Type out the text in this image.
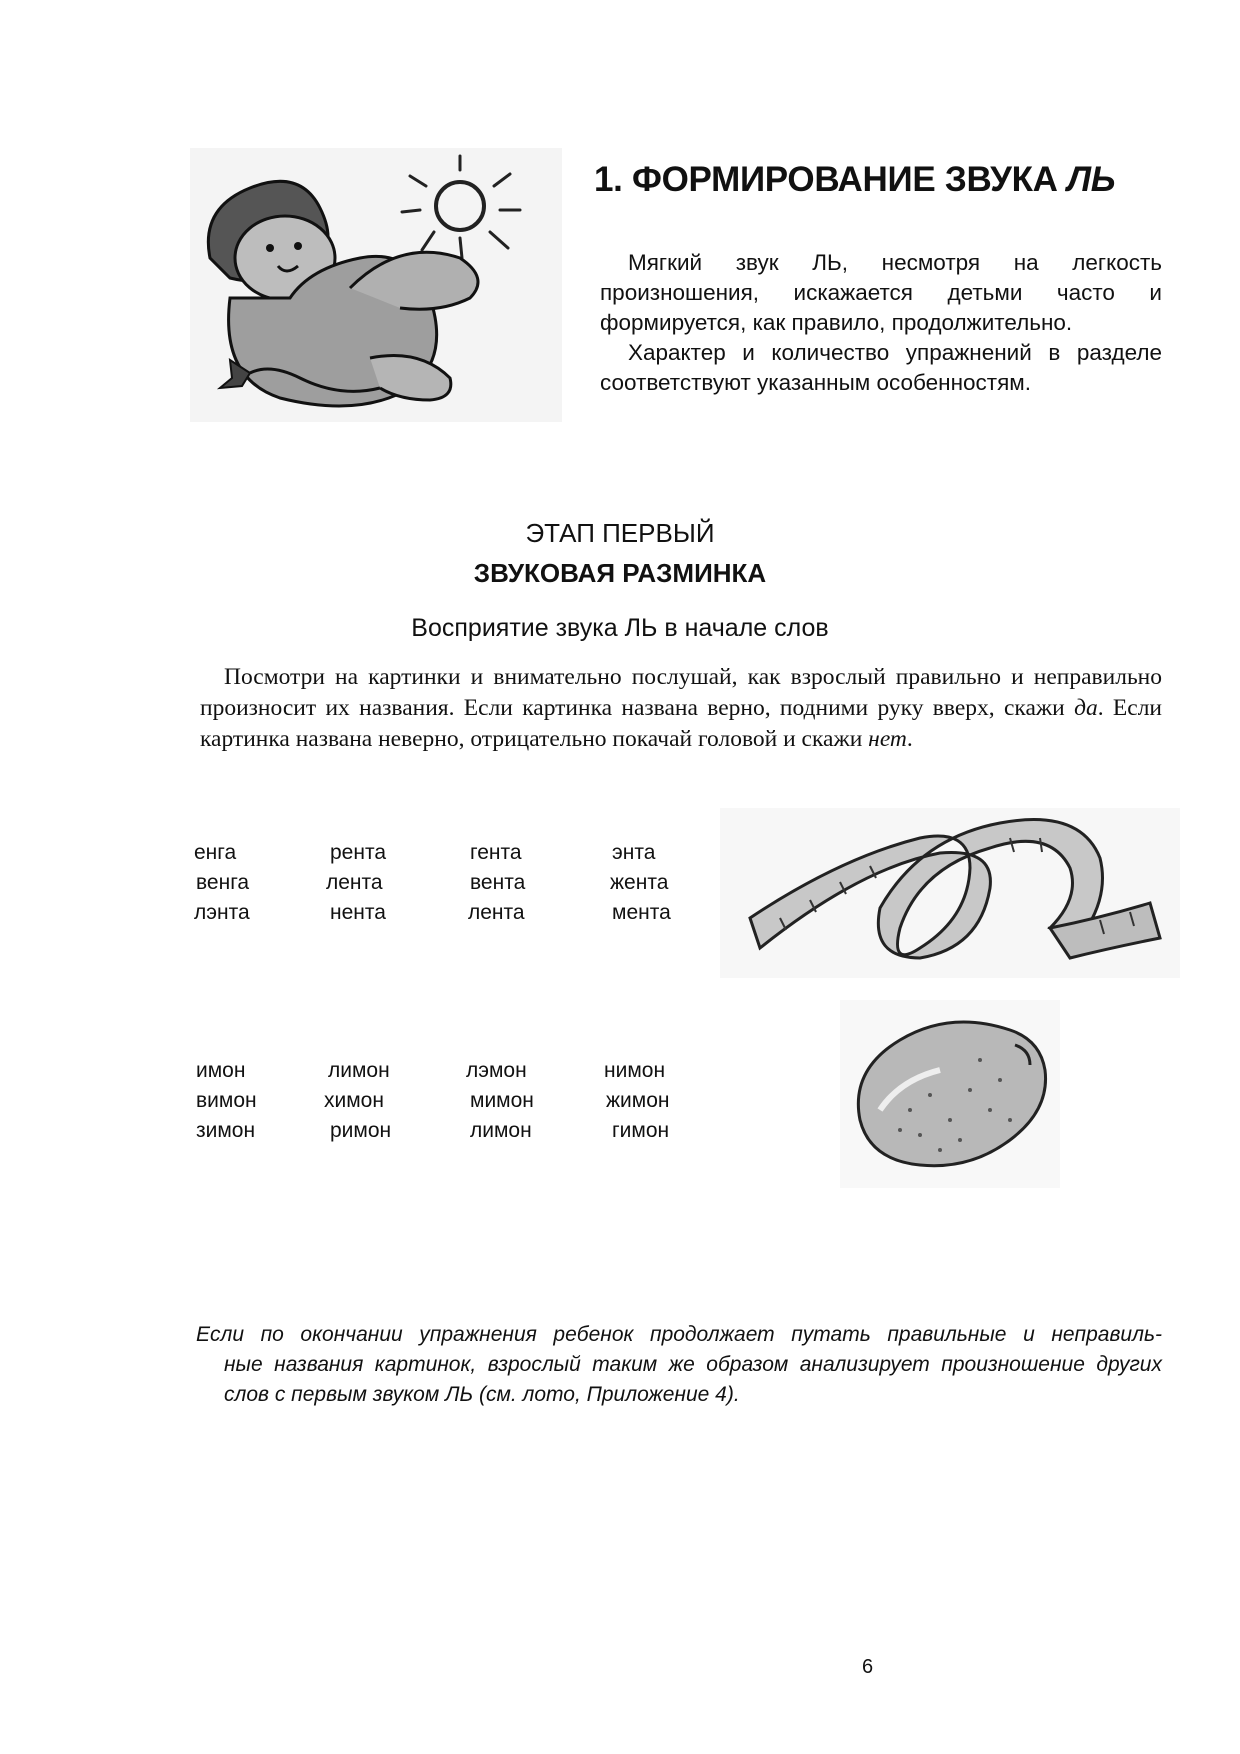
1. ФОРМИРОВАНИЕ ЗВУКА ЛЬ

Мягкий звук ЛЬ, несмотря на легкость произношения, искажается детьми часто и формируется, как правило, продолжительно.

Характер и количество упражнений в разделе соответствуют указанным особенностям.

ЭТАП ПЕРВЫЙ
ЗВУКОВАЯ РАЗМИНКА
Восприятие звука ЛЬ в начале слов

Посмотри на картинки и внимательно послушай, как взрослый правильно и неправильно произносит их названия. Если картинка названа верно, подними руку вверх, скажи да. Если картинка названа неверно, отрицательно покачай головой и скажи нет.

енга	рента	гента	энта
венга	лента	вента	жента
лэнта	нента	лента	мента
имон	лимон	лэмон	нимон
вимон	химон	мимон	жимон
зимон	римон	лимон	гимон

Если по окончании упражнения ребенок продолжает путать правильные и неправиль-
ные названия картинок, взрослый таким же образом анализирует произношение других слов с первым звуком ЛЬ (см. лото, Приложение 4).

6
